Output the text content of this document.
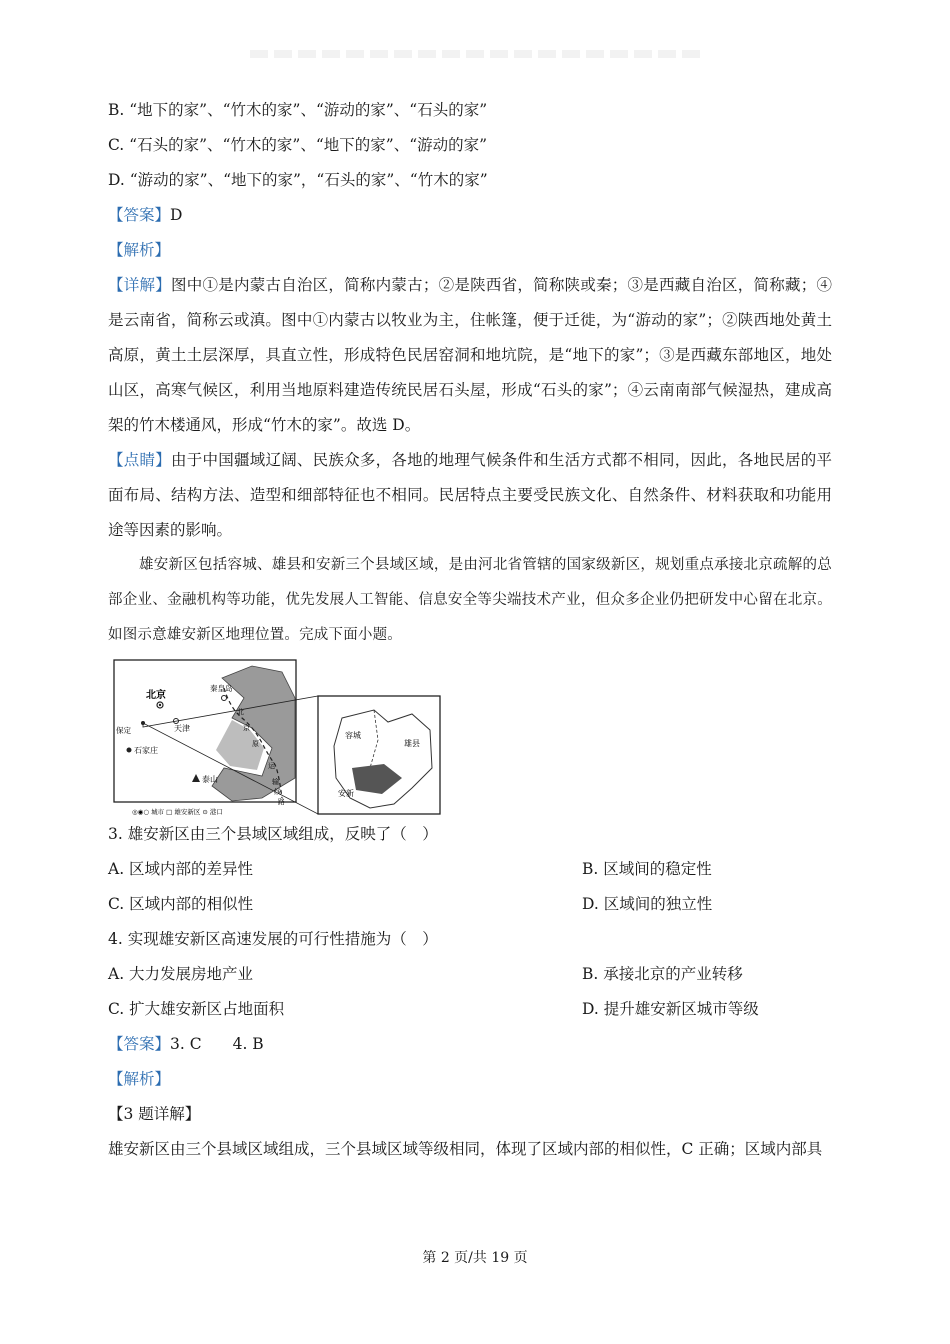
B. “地下的家”、“竹木的家”、“游动的家”、“石头的家”
C. “石头的家”、“竹木的家”、“地下的家”、“游动的家”
D. “游动的家”、“地下的家”，“石头的家”、“竹木的家”
【答案】D
【解析】
【详解】图中①是内蒙古自治区，简称内蒙古；②是陕西省，简称陕或秦；③是西藏自治区，简称藏；④是云南省，简称云或滇。图中①内蒙古以牧业为主，住帐篷，便于迁徙，为“游动的家”；②陕西地处黄土高原，黄土土层深厚，具直立性，形成特色民居窑洞和地坑院，是“地下的家”；③是西藏东部地区，地处山区，高寒气候区，利用当地原料建造传统民居石头屋，形成“石头的家”；④云南南部气候湿热，建成高架的竹木楼通风，形成“竹木的家”。故选 D。
【点睛】由于中国疆域辽阔、民族众多，各地的地理气候条件和生活方式都不相同，因此，各地民居的平面布局、结构方法、造型和细部特征也不相同。民居特点主要受民族文化、自然条件、材料获取和功能用途等因素的影响。
雄安新区包括容城、雄县和安新三个县域区域，是由河北省管辖的国家级新区，规划重点承接北京疏解的总部企业、金融机构等功能，优先发展人工智能、信息安全等尖端技术产业，但众多企业仍把研发中心留在北京。如图示意雄安新区地理位置。完成下面小题。
北京
秦皇岛
天津
保定
石家庄
泰山
北
京
原
运
输
线
路
容城
雄县
安新
◎◉○ 城市 □ 雄安新区 ⊙ 港口
3. 雄安新区由三个县域区域组成，反映了（　）
A. 区域内部的差异性	B. 区域间的稳定性
C. 区域内部的相似性	D. 区域间的独立性
4. 实现雄安新区高速发展的可行性措施为（　）
A. 大力发展房地产业	B. 承接北京的产业转移
C. 扩大雄安新区占地面积	D. 提升雄安新区城市等级
【答案】3. C　　4. B
【解析】
【3 题详解】
雄安新区由三个县域区域组成，三个县域区域等级相同，体现了区域内部的相似性，C 正确；区域内部具
第 2 页/共 19 页
